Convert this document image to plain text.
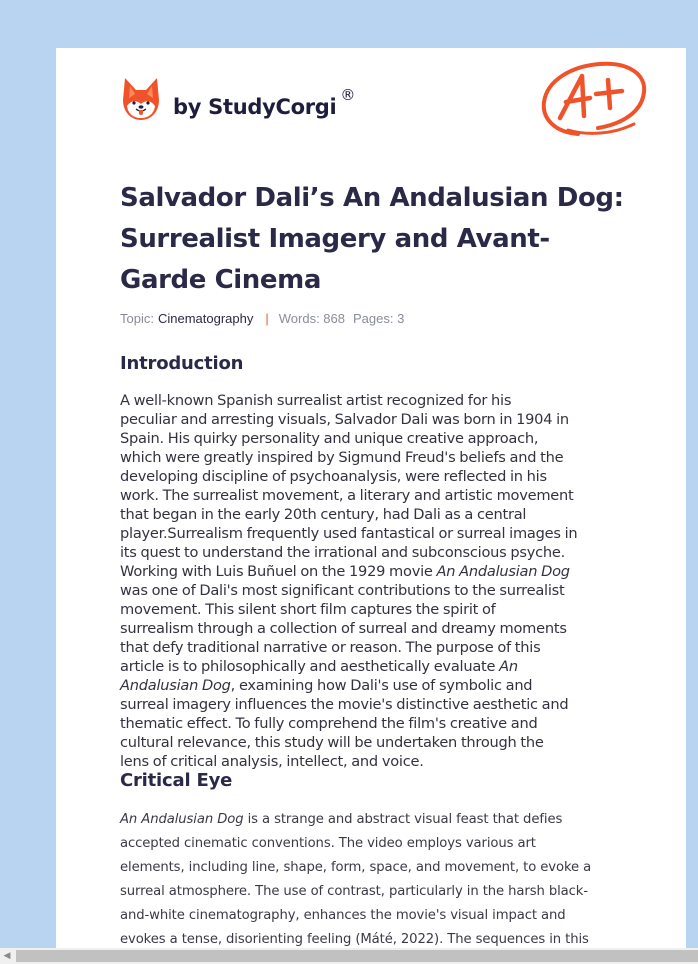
by StudyCorgi ®
Salvador Dali’s An Andalusian Dog:
Surrealist Imagery and Avant-
Garde Cinema
Topic: Cinematography | Words: 868 Pages: 3
Introduction

A well-known Spanish surrealist artist recognized for his
peculiar and arresting visuals, Salvador Dali was born in 1904 in
Spain. His quirky personality and unique creative approach,
which were greatly inspired by Sigmund Freud's beliefs and the
developing discipline of psychoanalysis, were reflected in his
work. The surrealist movement, a literary and artistic movement
that began in the early 20th century, had Dali as a central
player.Surrealism frequently used fantastical or surreal images in
its quest to understand the irrational and subconscious psyche.
Working with Luis Buñuel on the 1929 movie An Andalusian Dog
was one of Dali's most significant contributions to the surrealist
movement. This silent short film captures the spirit of
surrealism through a collection of surreal and dreamy moments
that defy traditional narrative or reason. The purpose of this
article is to philosophically and aesthetically evaluate An
Andalusian Dog, examining how Dali's use of symbolic and
surreal imagery influences the movie's distinctive aesthetic and
thematic effect. To fully comprehend the film's creative and
cultural relevance, this study will be undertaken through the
lens of critical analysis, intellect, and voice.

Critical Eye

An Andalusian Dog is a strange and abstract visual feast that defies
accepted cinematic conventions. The video employs various art
elements, including line, shape, form, space, and movement, to evoke a
surreal atmosphere. The use of contrast, particularly in the harsh black-
and-white cinematography, enhances the movie's visual impact and
evokes a tense, disorienting feeling (Máté, 2022). The sequences in this

◀
